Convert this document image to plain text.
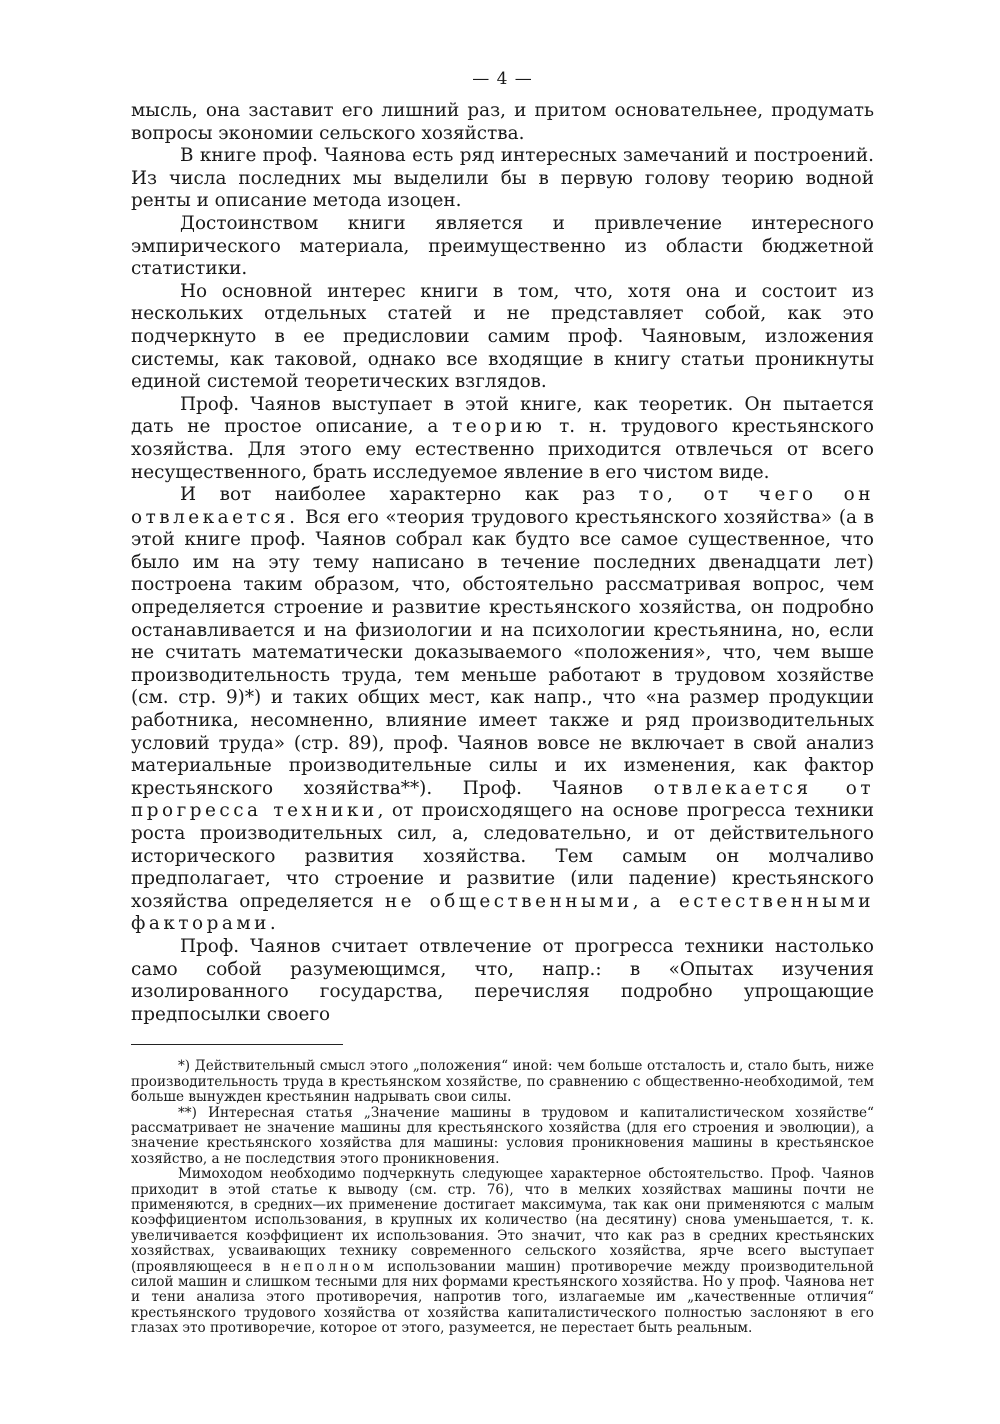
— 4 —

мысль, она заставит его лишний раз, и притом основательнее, продумать вопросы экономии сельского хозяйства.

В книге проф. Чаянова есть ряд интересных замечаний и построений. Из числа последних мы выделили бы в первую голову теорию водной ренты и описание метода изоцен.

Достоинством книги является и привлечение интересного эмпирического материала, преимущественно из области бюджетной статистики.

Но основной интерес книги в том, что, хотя она и состоит из нескольких отдельных статей и не представляет собой, как это подчеркнуто в ее предисловии самим проф. Чаяновым, изложения системы, как таковой, однако все входящие в книгу статьи проникнуты единой системой теоретических взглядов.

Проф. Чаянов выступает в этой книге, как теоретик. Он пытается дать не простое описание, а теорию т. н. трудового крестьянского хозяйства. Для этого ему естественно приходится отвлечься от всего несущественного, брать исследуемое явление в его чистом виде.

И вот наиболее характерно как раз то, от чего он отвлекается. Вся его «теория трудового крестьянского хозяйства» (а в этой книге проф. Чаянов собрал как будто все самое существенное, что было им на эту тему написано в течение последних двенадцати лет) построена таким образом, что, обстоятельно рассматривая вопрос, чем определяется строение и развитие крестьянского хозяйства, он подробно останавливается и на физиологии и на психологии крестьянина, но, если не считать математически доказываемого «положения», что, чем выше производительность труда, тем меньше работают в трудовом хозяйстве (см. стр. 9)*) и таких общих мест, как напр., что «на размер продукции работника, несомненно, влияние имеет также и ряд производительных условий труда» (стр. 89), проф. Чаянов вовсе не включает в свой анализ материальные производительные силы и их изменения, как фактор крестьянского хозяйства**). Проф. Чаянов отвлекается от прогресса техники, от происходящего на основе прогресса техники роста производительных сил, а, следовательно, и от действительного исторического развития хозяйства. Тем самым он молчаливо предполагает, что строение и развитие (или падение) крестьянского хозяйства определяется не общественными, а естественными факторами.

Проф. Чаянов считает отвлечение от прогресса техники настолько само собой разумеющимся, что, напр.: в «Опытах изучения изолированного государства, перечисляя подробно упрощающие предпосылки своего

*) Действительный смысл этого „положения“ иной: чем больше отсталость и, стало быть, ниже производительность труда в крестьянском хозяйстве, по сравнению с общественно-необходимой, тем больше вынужден крестьянин надрывать свои силы.

**) Интересная статья „Значение машины в трудовом и капиталистическом хозяйстве“ рассматривает не значение машины для крестьянского хозяйства (для его строения и эволюции), а значение крестьянского хозяйства для машины: условия проникновения машины в крестьянское хозяйство, а не последствия этого проникновения.

Мимоходом необходимо подчеркнуть следующее характерное обстоятельство. Проф. Чаянов приходит в этой статье к выводу (см. стр. 76), что в мелких хозяйствах машины почти не применяются, в средних—их применение достигает максимума, так как они применяются с малым коэффициентом использования, в крупных их количество (на десятину) снова уменьшается, т. к. увеличивается коэффициент их использования. Это значит, что как раз в средних крестьянских хозяйствах, усваивающих технику современного сельского хозяйства, ярче всего выступает (проявляющееся в неполном использовании машин) противоречие между производительной силой машин и слишком тесными для них формами крестьянского хозяйства. Но у проф. Чаянова нет и тени анализа этого противоречия, напротив того, излагаемые им „качественные отличия“ крестьянского трудового хозяйства от хозяйства капиталистического полностью заслоняют в его глазах это противоречие, которое от этого, разумеется, не перестает быть реальным.
